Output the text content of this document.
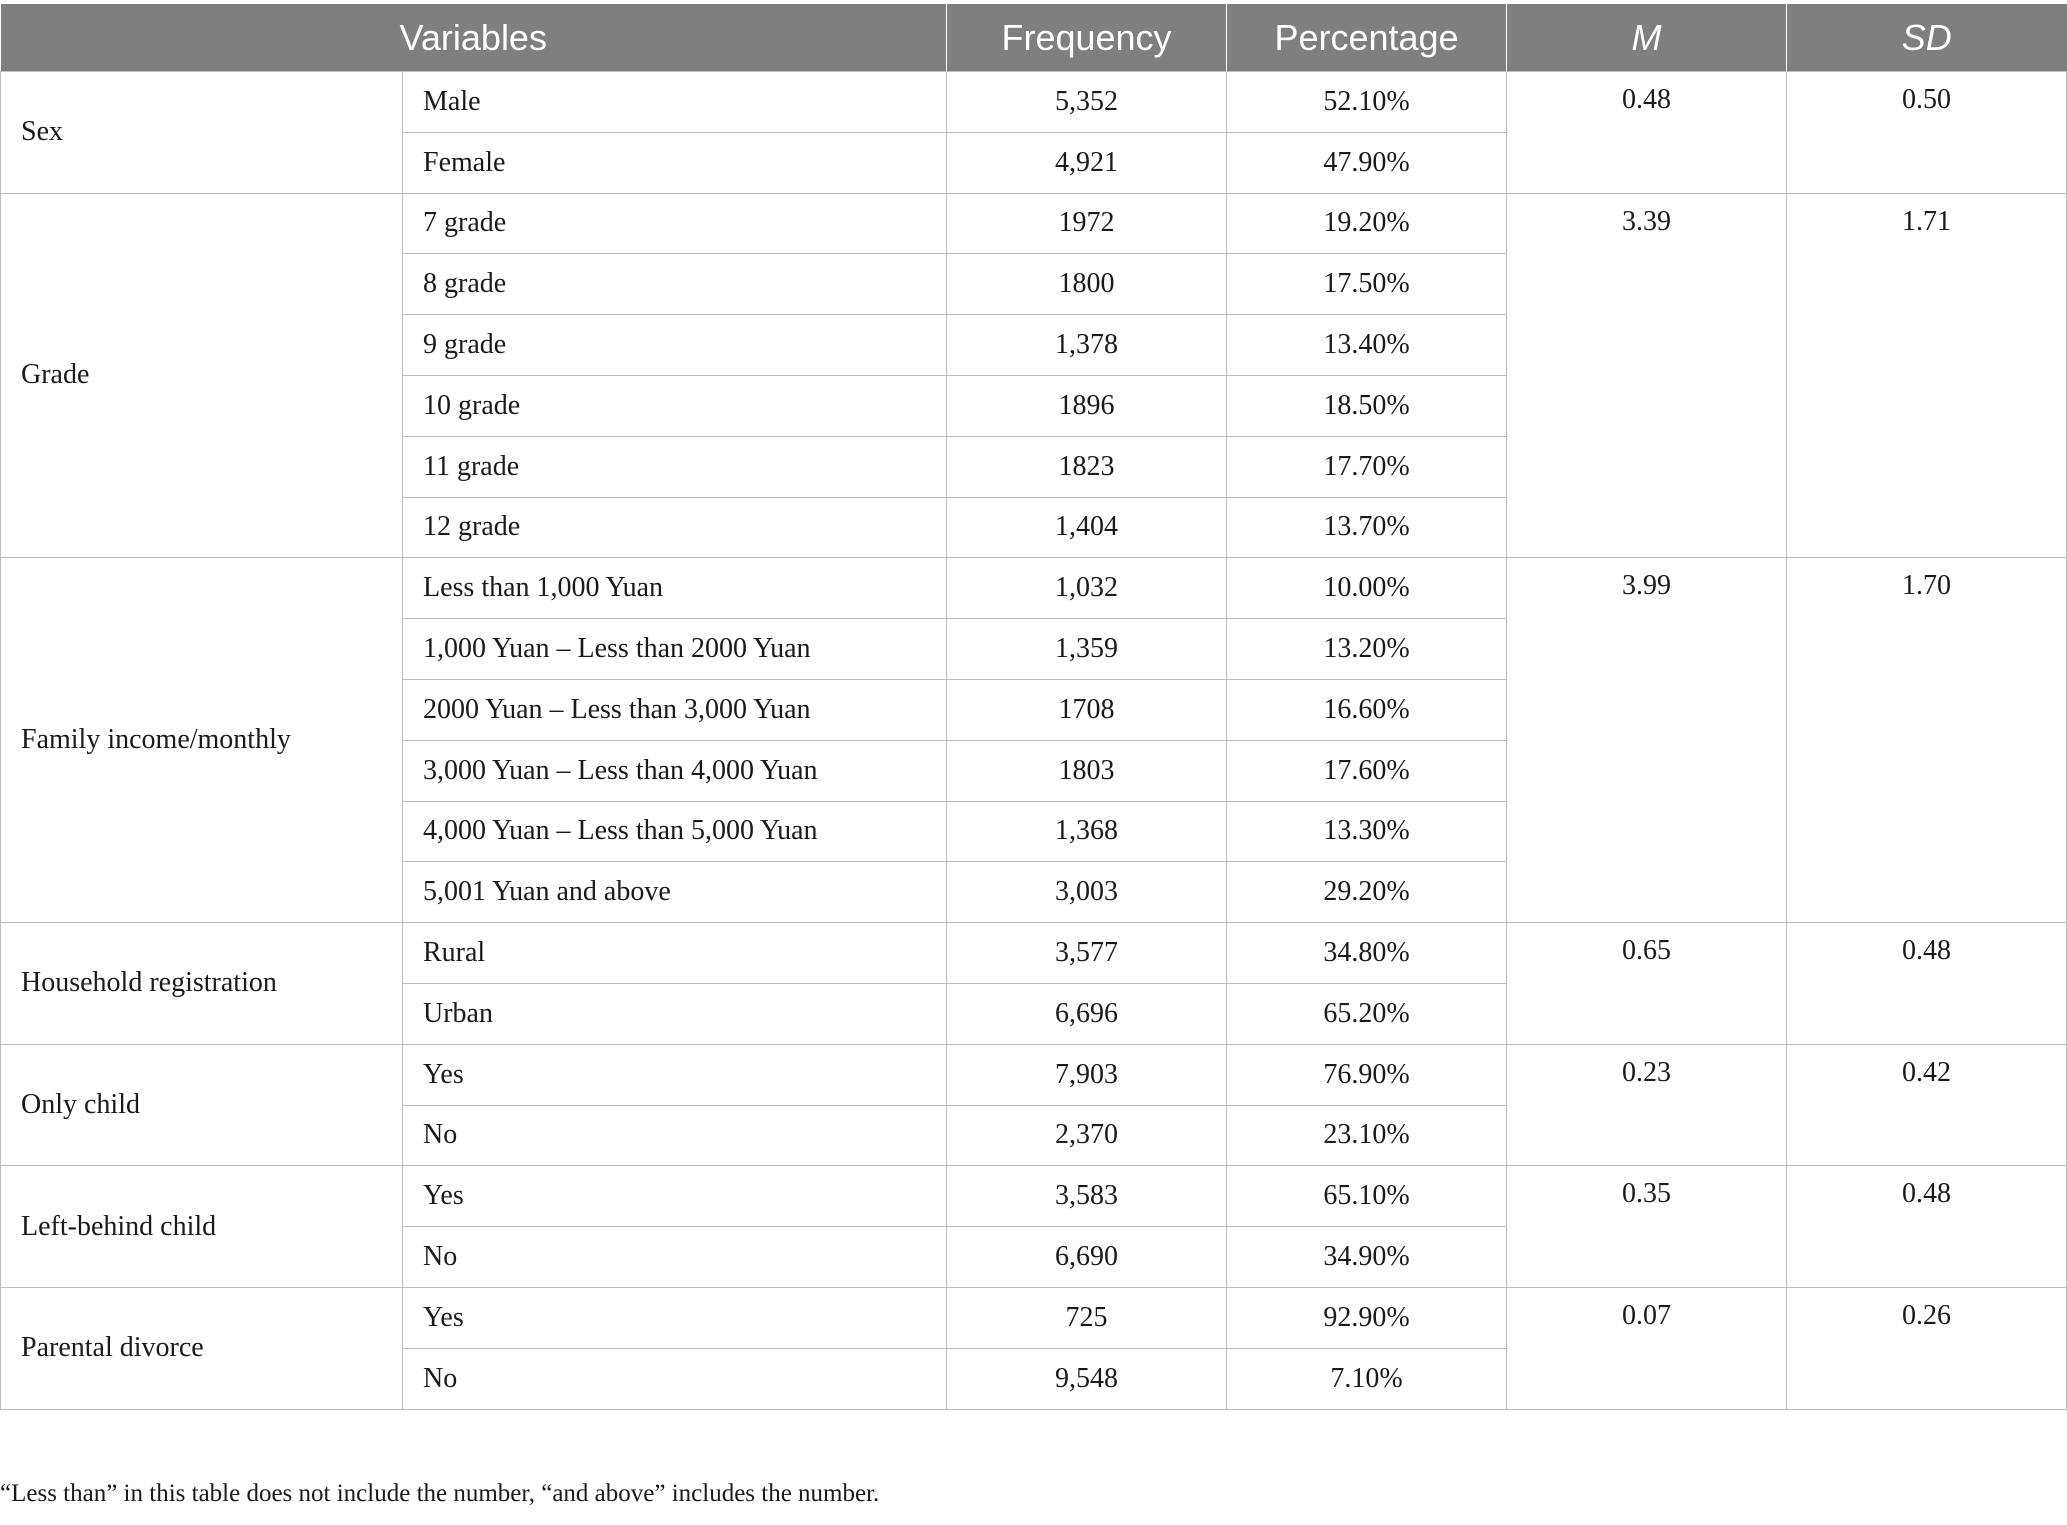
Variables		Frequency	Percentage	M	SD
Sex	Male	5,352	52.10%	0.48	0.50
	Female	4,921	47.90%		
Grade	7 grade	1972	19.20%	3.39	1.71
	8 grade	1800	17.50%		
	9 grade	1,378	13.40%		
	10 grade	1896	18.50%		
	11 grade	1823	17.70%		
	12 grade	1,404	13.70%		
Family income/monthly	Less than 1,000 Yuan	1,032	10.00%	3.99	1.70
	1,000 Yuan – Less than 2000 Yuan	1,359	13.20%		
	2000 Yuan – Less than 3,000 Yuan	1708	16.60%		
	3,000 Yuan – Less than 4,000 Yuan	1803	17.60%		
	4,000 Yuan – Less than 5,000 Yuan	1,368	13.30%		
	5,001 Yuan and above	3,003	29.20%		
Household registration	Rural	3,577	34.80%	0.65	0.48
	Urban	6,696	65.20%		
Only child	Yes	7,903	76.90%	0.23	0.42
	No	2,370	23.10%		
Left-behind child	Yes	3,583	65.10%	0.35	0.48
	No	6,690	34.90%		
Parental divorce	Yes	725	92.90%	0.07	0.26
	No	9,548	7.10%		
“Less than” in this table does not include the number, “and above” includes the number.
